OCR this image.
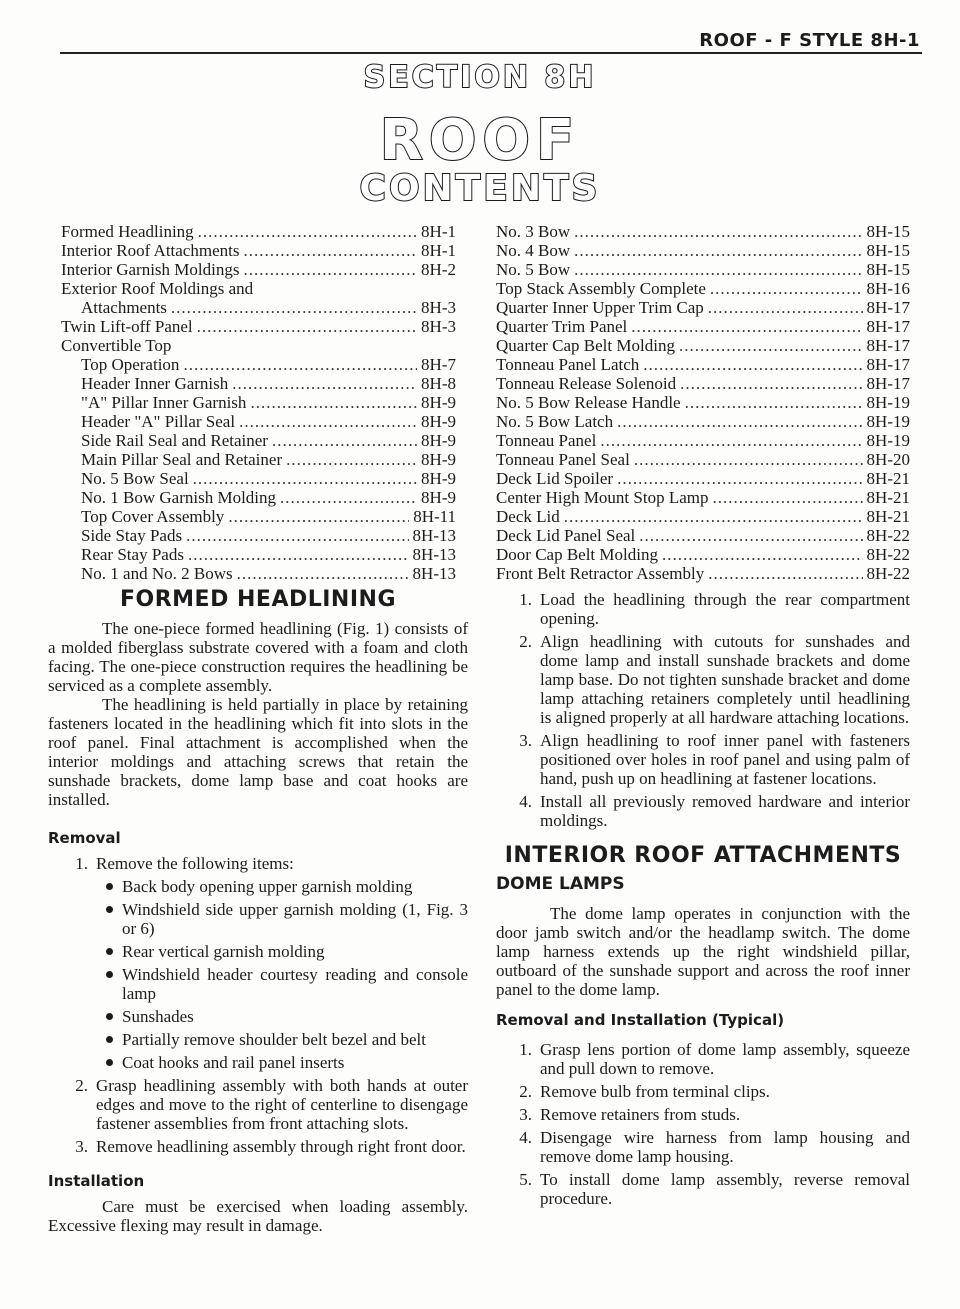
ROOF - F STYLE 8H-1
SECTION 8H
ROOF
CONTENTS
Formed Headlining .....	8H-1
Interior Roof Attachments .....	8H-1
Interior Garnish Moldings .....	8H-2
Exterior Roof Moldings and
Attachments .....	8H-3
Twin Lift-off Panel .....	8H-3
Convertible Top
Top Operation .....	8H-7
Header Inner Garnish .....	8H-8
"A" Pillar Inner Garnish .....	8H-9
Header "A" Pillar Seal .....	8H-9
Side Rail Seal and Retainer .....	8H-9
Main Pillar Seal and Retainer .....	8H-9
No. 5 Bow Seal .....	8H-9
No. 1 Bow Garnish Molding .....	8H-9
Top Cover Assembly .....	8H-11
Side Stay Pads .....	8H-13
Rear Stay Pads .....	8H-13
No. 1 and No. 2 Bows .....	8H-13
No. 3 Bow .....	8H-15
No. 4 Bow .....	8H-15
No. 5 Bow .....	8H-15
Top Stack Assembly Complete .....	8H-16
Quarter Inner Upper Trim Cap .....	8H-17
Quarter Trim Panel .....	8H-17
Quarter Cap Belt Molding .....	8H-17
Tonneau Panel Latch .....	8H-17
Tonneau Release Solenoid .....	8H-17
No. 5 Bow Release Handle .....	8H-19
No. 5 Bow Latch .....	8H-19
Tonneau Panel .....	8H-19
Tonneau Panel Seal .....	8H-20
Deck Lid Spoiler .....	8H-21
Center High Mount Stop Lamp .....	8H-21
Deck Lid .....	8H-21
Deck Lid Panel Seal .....	8H-22
Door Cap Belt Molding .....	8H-22
Front Belt Retractor Assembly .....	8H-22
FORMED HEADLINING

The one-piece formed headlining (Fig. 1) consists of a molded fiberglass substrate covered with a foam and cloth facing. The one-piece construction requires the headlining be serviced as a complete assembly.

The headlining is held partially in place by retaining fasteners located in the headlining which fit into slots in the roof panel. Final attachment is accomplished when the interior moldings and attaching screws that retain the sunshade brackets, dome lamp base and coat hooks are installed.

Removal
1. Remove the following items:
Back body opening upper garnish molding
Windshield side upper garnish molding (1, Fig. 3 or 6)
Rear vertical garnish molding
Windshield header courtesy reading and console lamp
Sunshades
Partially remove shoulder belt bezel and belt
Coat hooks and rail panel inserts
2. Grasp headlining assembly with both hands at outer edges and move to the right of centerline to disengage fastener assemblies from front attaching slots.
3. Remove headlining assembly through right front door.
Installation

Care must be exercised when loading assembly. Excessive flexing may result in damage.

1. Load the headlining through the rear compartment opening.
2. Align headlining with cutouts for sunshades and dome lamp and install sunshade brackets and dome lamp base. Do not tighten sunshade bracket and dome lamp attaching retainers completely until headlining is aligned properly at all hardware attaching locations.
3. Align headlining to roof inner panel with fasteners positioned over holes in roof panel and using palm of hand, push up on headlining at fastener locations.
4. Install all previously removed hardware and interior moldings.
INTERIOR ROOF ATTACHMENTS
DOME LAMPS

The dome lamp operates in conjunction with the door jamb switch and/or the headlamp switch. The dome lamp harness extends up the right windshield pillar, outboard of the sunshade support and across the roof inner panel to the dome lamp.

Removal and Installation (Typical)
1. Grasp lens portion of dome lamp assembly, squeeze and pull down to remove.
2. Remove bulb from terminal clips.
3. Remove retainers from studs.
4. Disengage wire harness from lamp housing and remove dome lamp housing.
5. To install dome lamp assembly, reverse removal procedure.
